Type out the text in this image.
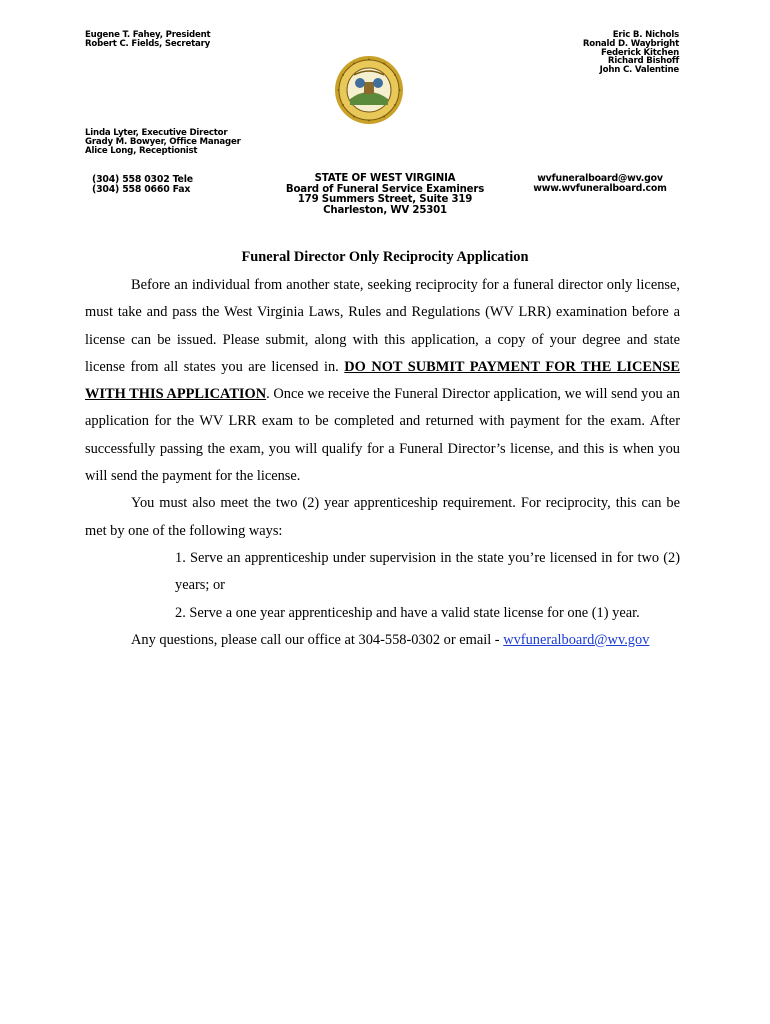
Eugene T. Fahey, President
Robert C. Fields, Secretary
Eric B. Nichols
Ronald D. Waybright
Federick Kitchen
Richard Bishoff
John C. Valentine
Linda Lyter, Executive Director
Grady M. Bowyer, Office Manager
Alice Long, Receptionist
(304) 558 0302 Tele
(304) 558 0660 Fax
STATE OF WEST VIRGINIA
Board of Funeral Service Examiners
179 Summers Street, Suite 319
Charleston, WV 25301
wvfuneralboard@wv.gov
www.wvfuneralboard.com
Funeral Director Only Reciprocity Application

Before an individual from another state, seeking reciprocity for a funeral director only license, must take and pass the West Virginia Laws, Rules and Regulations (WV LRR) examination before a license can be issued. Please submit, along with this application, a copy of your degree and state license from all states you are licensed in. DO NOT SUBMIT PAYMENT FOR THE LICENSE WITH THIS APPLICATION. Once we receive the Funeral Director application, we will send you an application for the WV LRR exam to be completed and returned with payment for the exam. After successfully passing the exam, you will qualify for a Funeral Director’s license, and this is when you will send the payment for the license.

You must also meet the two (2) year apprenticeship requirement. For reciprocity, this can be met by one of the following ways:

1. Serve an apprenticeship under supervision in the state you’re licensed in for two (2) years; or

2. Serve a one year apprenticeship and have a valid state license for one (1) year.

Any questions, please call our office at 304-558-0302 or email - wvfuneralboard@wv.gov
